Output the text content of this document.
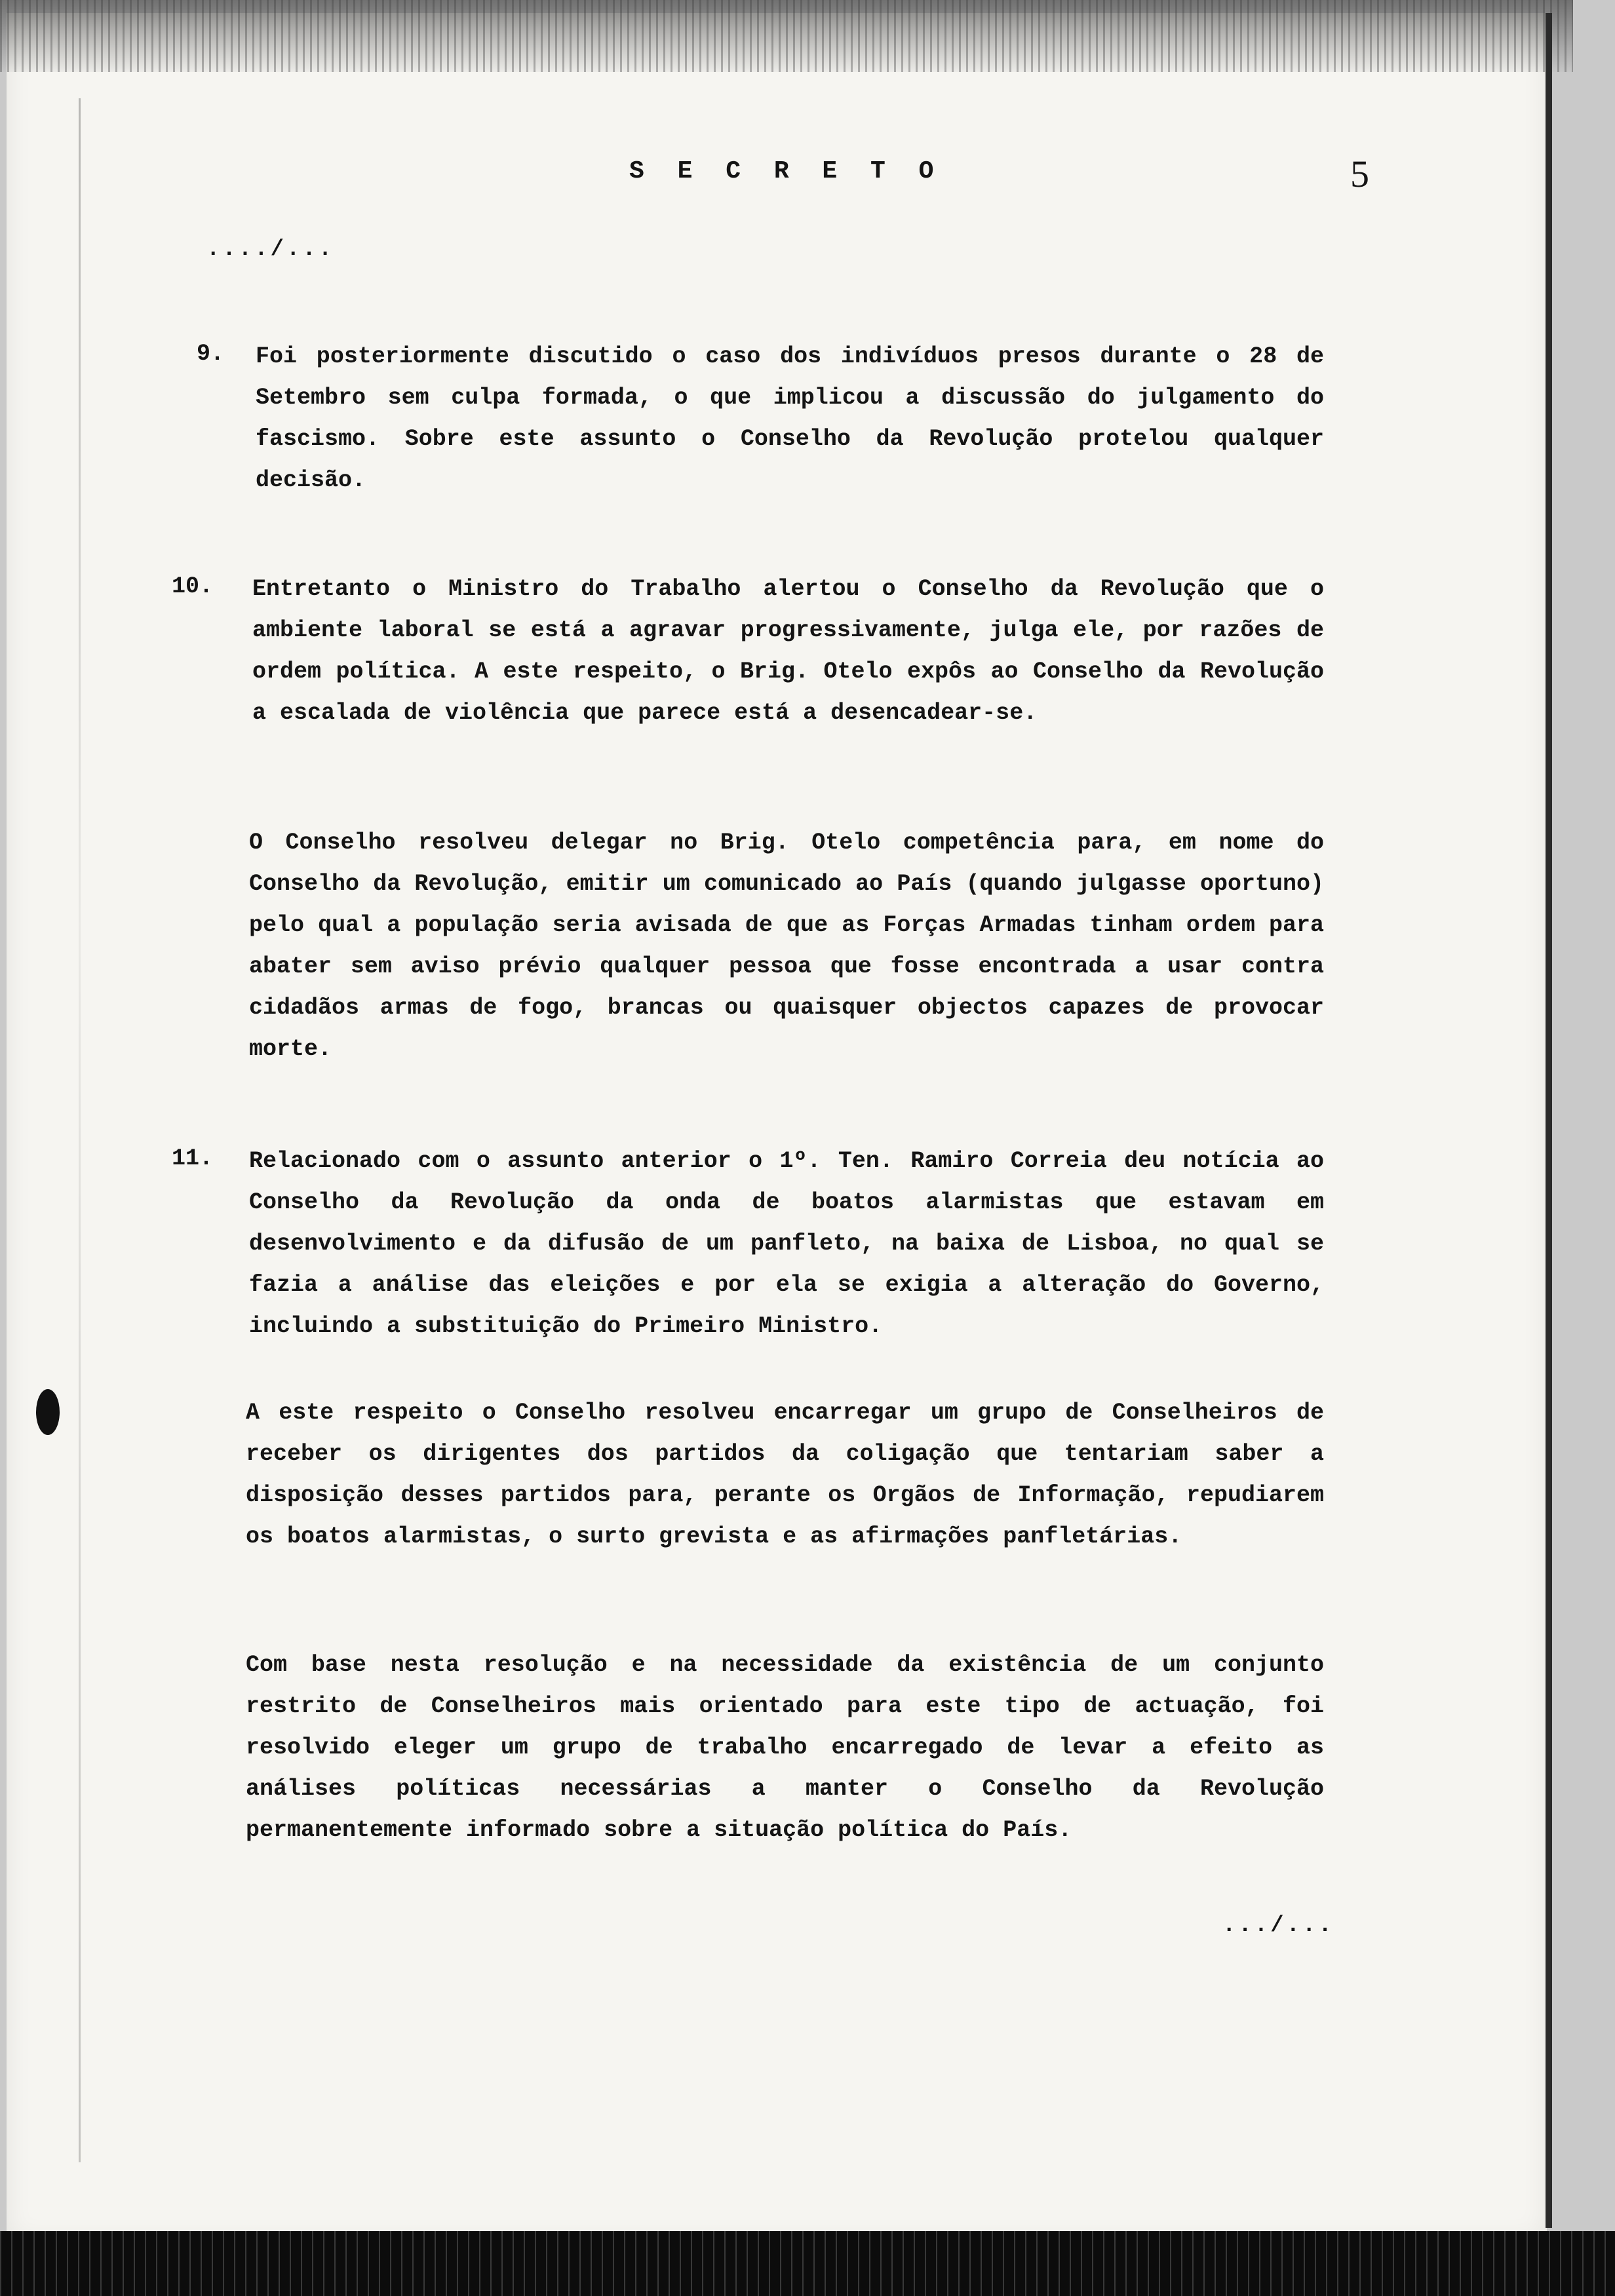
S E C R E T O	5
..../...
9. Foi posteriormente discutido o caso dos indivíduos presos durante o 28 de Setembro sem culpa formada, o que implicou a discussão do julgamento do fascismo. Sobre este assunto o Conselho da Revolução protelou qualquer decisão.
10. Entretanto o Ministro do Trabalho alertou o Conselho da Revolução que o ambiente laboral se está a agravar progressivamente, julga ele, por razões de ordem política. A este respeito, o Brig. Otelo expôs ao Conselho da Revolução a escalada de violência que parece está a desencadear-se.
O Conselho resolveu delegar no Brig. Otelo competência para, em nome do Conselho da Revolução, emitir um comunicado ao País (quando julgasse oportuno) pelo qual a população seria avisada de que as Forças Armadas tinham ordem para abater sem aviso prévio qualquer pessoa que fosse encontrada a usar contra cidadãos armas de fogo, brancas ou quaisquer objectos capazes de provocar morte.
11. Relacionado com o assunto anterior o 1º. Ten. Ramiro Correia deu notícia ao Conselho da Revolução da onda de boatos alarmistas que estavam em desenvolvimento e da difusão de um panfleto, na baixa de Lisboa, no qual se fazia a análise das eleições e por ela se exigia a alteração do Governo, incluindo a substituição do Primeiro Ministro.
A este respeito o Conselho resolveu encarregar um grupo de Conselheiros de receber os dirigentes dos partidos da coligação que tentariam saber a disposição desses partidos para, perante os Orgãos de Informação, repudiarem os boatos alarmistas, o surto grevista e as afirmações panfletárias.
Com base nesta resolução e na necessidade da existência de um conjunto restrito de Conselheiros mais orientado para este tipo de actuação, foi resolvido eleger um grupo de trabalho encarregado de levar a efeito as análises políticas necessárias a manter o Conselho da Revolução permanentemente informado sobre a situação política do País.
.../...
